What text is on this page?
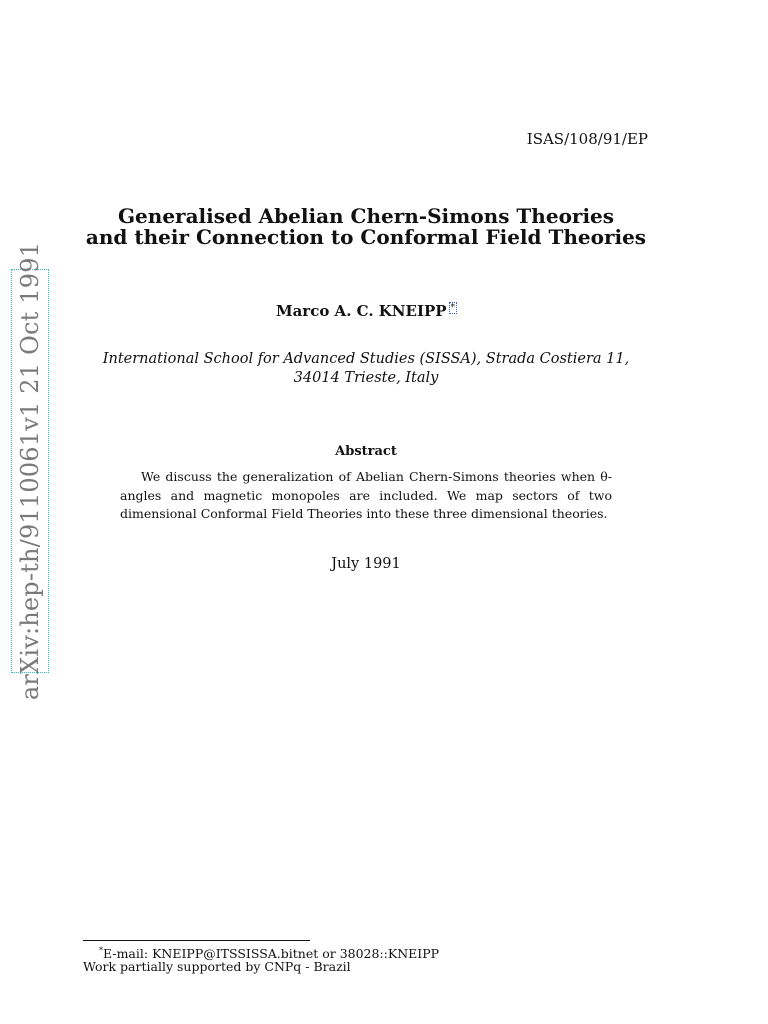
ISAS/108/91/EP
Generalised Abelian Chern-Simons Theories
and their Connection to Conformal Field Theories
Marco A. C. KNEIPP *
International School for Advanced Studies (SISSA), Strada Costiera 11, 34014 Trieste, Italy
Abstract
We discuss the generalization of Abelian Chern-Simons theories when θ-angles and magnetic monopoles are included. We map sectors of two dimensional Conformal Field Theories into these three dimensional theories.
July 1991
arXiv:hep-th/9110061v1 21 Oct 1991
*E-mail: KNEIPP@ITSSISSA.bitnet or 38028::KNEIPP
Work partially supported by CNPq - Brazil
